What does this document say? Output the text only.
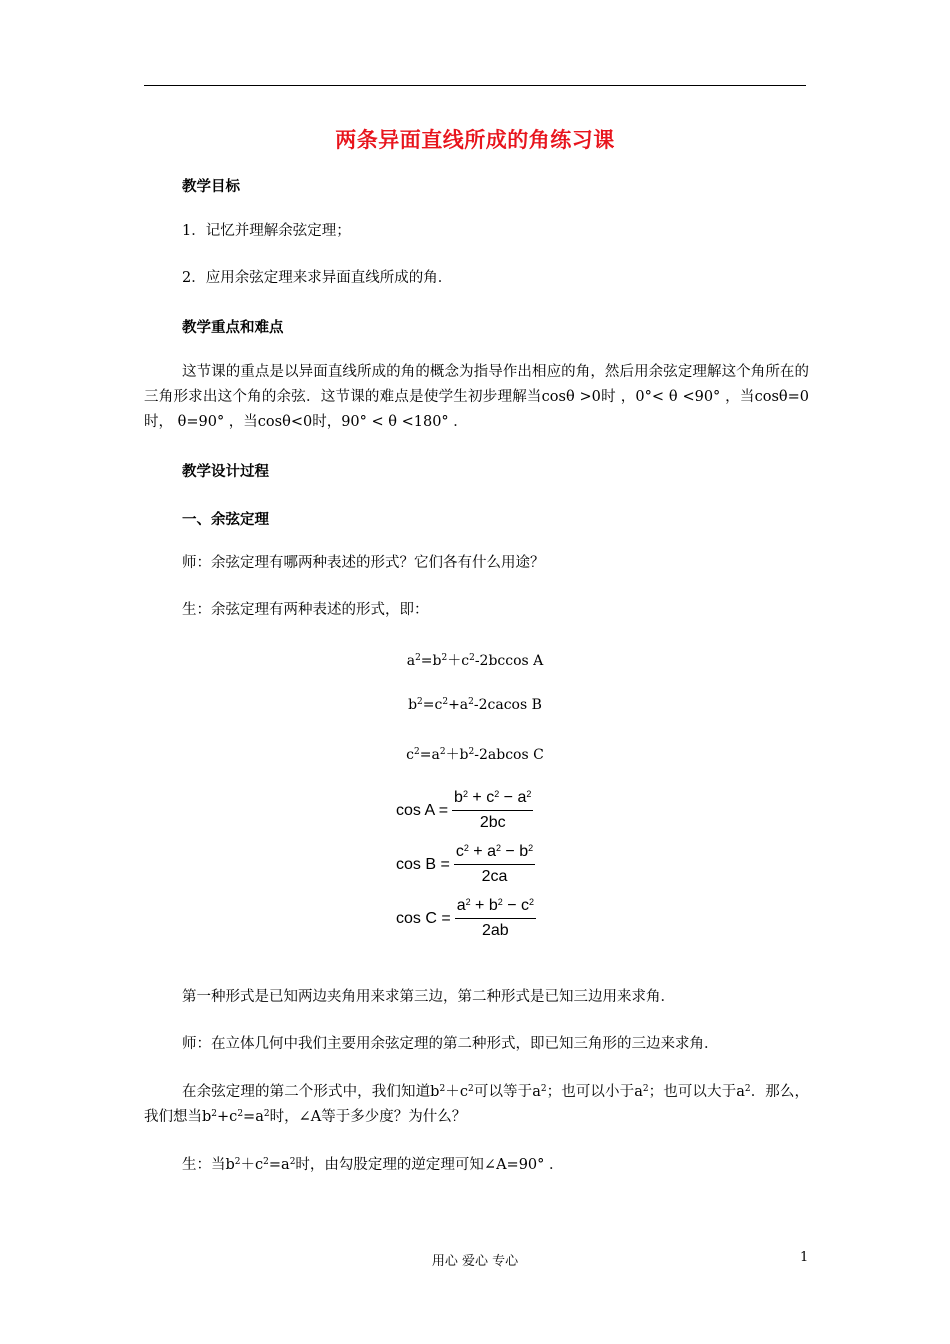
两条异面直线所成的角练习课
教学目标
1．记忆并理解余弦定理；
2．应用余弦定理来求异面直线所成的角．
教学重点和难点
这节课的重点是以异面直线所成的角的概念为指导作出相应的角，然后用余弦定理解这个角所在的三角形求出这个角的余弦．这节课的难点是使学生初步理解当cosθ >0时 ，0°< θ <90° ，当cosθ=0时， θ=90° ，当cosθ<0时，90° < θ <180° ．
教学设计过程
一、余弦定理
师：余弦定理有哪两种表述的形式？它们各有什么用途？
生：余弦定理有两种表述的形式，即：
$a^2=b^2+c^2-2bccos$ A
$b^2=c^2+a^2-2cacos$ B
$c^2=a^2+b^2-2abcos$ C
$\cos A = \frac{b^2 + c^2 - a^2}{2bc}$
$\cos B = \frac{c^2 + a^2 - b^2}{2ca}$
$\cos C = \frac{a^2 + b^2 - c^2}{2ab}$
第一种形式是已知两边夹角用来求第三边，第二种形式是已知三边用来求角．
师：在立体几何中我们主要用余弦定理的第二种形式，即已知三角形的三边来求角．
在余弦定理的第二个形式中，我们知道$b^2+c^2$可以等于$a^2$；也可以小于$a^2$；也可以大于$a^2$．那么，我们想当$b^2+c^2=a^2$时，∠A等于多少度？为什么？
生：当$b^2+c^2=a^2$时，由勾股定理的逆定理可知∠A=90° ．
用心 爱心 专心	1
